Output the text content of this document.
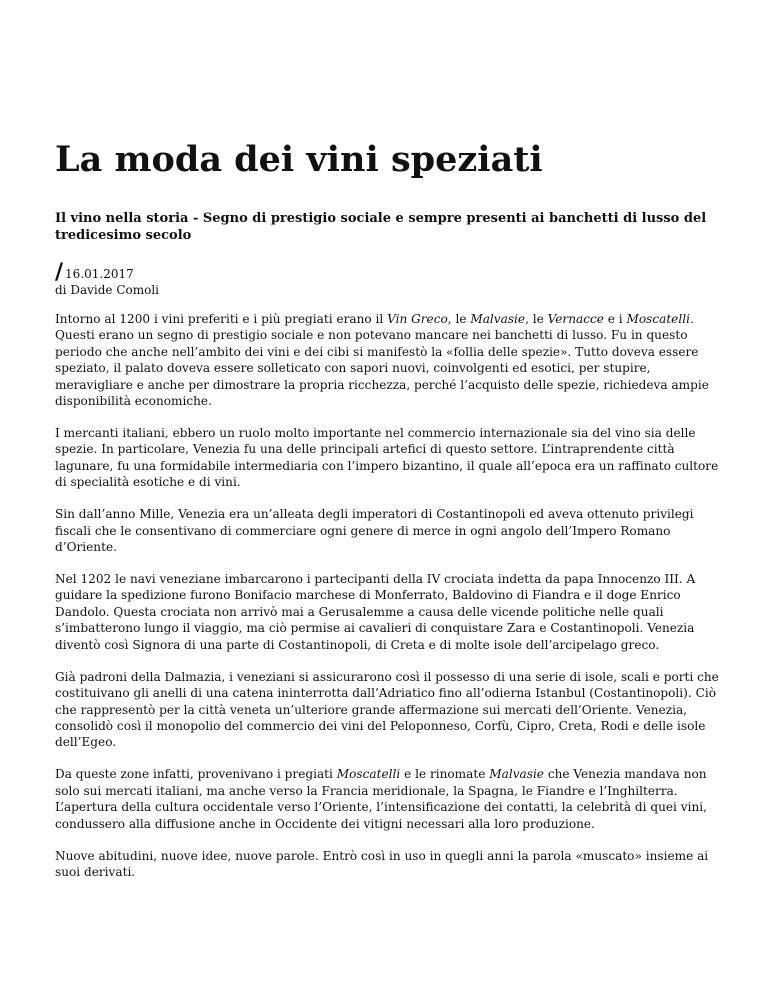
La moda dei vini speziati
Il vino nella storia - Segno di prestigio sociale e sempre presenti ai banchetti di lusso del tredicesimo secolo
/ 16.01.2017
di Davide Comoli

Intorno al 1200 i vini preferiti e i più pregiati erano il Vin Greco, le Malvasie, le Vernacce e i Moscatelli. Questi erano un segno di prestigio sociale e non potevano mancare nei banchetti di lusso. Fu in questo periodo che anche nell’ambito dei vini e dei cibi si manifestò la «follia delle spezie». Tutto doveva essere speziato, il palato doveva essere solleticato con sapori nuovi, coinvolgenti ed esotici, per stupire, meravigliare e anche per dimostrare la propria ricchezza, perché l’acquisto delle spezie, richiedeva ampie disponibilità economiche.

I mercanti italiani, ebbero un ruolo molto importante nel commercio internazionale sia del vino sia delle spezie. In particolare, Venezia fu una delle principali artefici di questo settore. L’intraprendente città lagunare, fu una formidabile intermediaria con l’impero bizantino, il quale all’epoca era un raffinato cultore di specialità esotiche e di vini.

Sin dall’anno Mille, Venezia era un’alleata degli imperatori di Costantinopoli ed aveva ottenuto privilegi fiscali che le consentivano di commerciare ogni genere di merce in ogni angolo dell’Impero Romano d’Oriente.

Nel 1202 le navi veneziane imbarcarono i partecipanti della IV crociata indetta da papa Innocenzo III. A guidare la spedizione furono Bonifacio marchese di Monferrato, Baldovino di Fiandra e il doge Enrico Dandolo. Questa crociata non arrivò mai a Gerusalemme a causa delle vicende politiche nelle quali s’imbatterono lungo il viaggio, ma ciò permise ai cavalieri di conquistare Zara e Costantinopoli. Venezia diventò così Signora di una parte di Costantinopoli, di Creta e di molte isole dell’arcipelago greco.

Già padroni della Dalmazia, i veneziani si assicurarono così il possesso di una serie di isole, scali e porti che costituivano gli anelli di una catena ininterrotta dall’Adriatico fino all’odierna Istanbul (Costantinopoli). Ciò che rappresentò per la città veneta un’ulteriore grande affermazione sui mercati dell’Oriente. Venezia, consolidò così il monopolio del commercio dei vini del Peloponneso, Corfù, Cipro, Creta, Rodi e delle isole dell’Egeo.

Da queste zone infatti, provenivano i pregiati Moscatelli e le rinomate Malvasie che Venezia mandava non solo sui mercati italiani, ma anche verso la Francia meridionale, la Spagna, le Fiandre e l’Inghilterra. L’apertura della cultura occidentale verso l’Oriente, l’intensificazione dei contatti, la celebrità di quei vini, condussero alla diffusione anche in Occidente dei vitigni necessari alla loro produzione.

Nuove abitudini, nuove idee, nuove parole. Entrò così in uso in quegli anni la parola «muscato» insieme ai suoi derivati.
